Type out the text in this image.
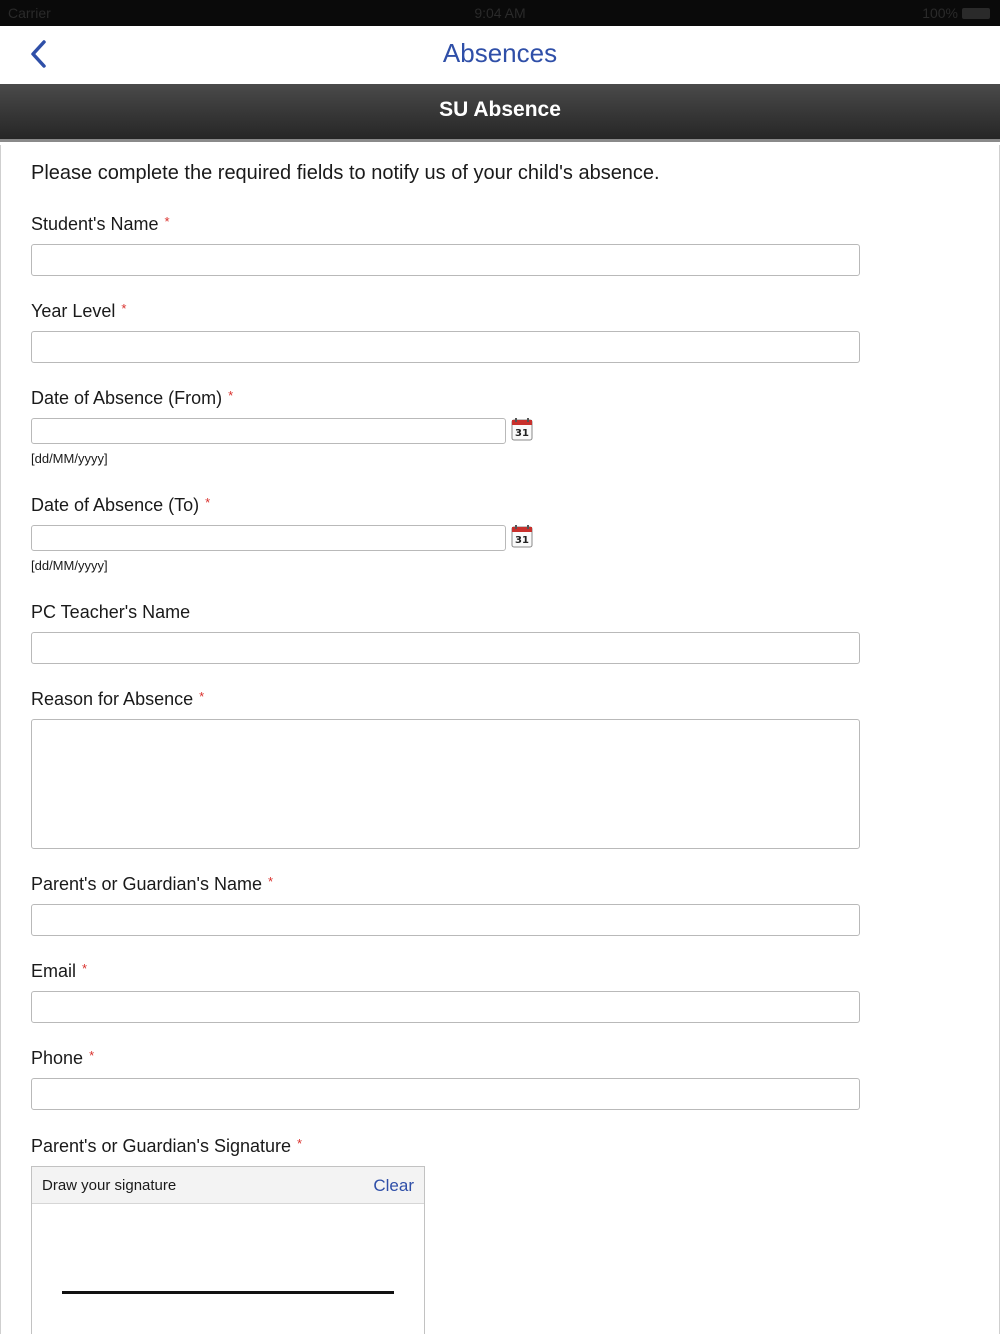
Carrier	9:04 AM	100%
Absences
SU Absence
Please complete the required fields to notify us of your child's absence.
Student's Name *
Year Level *
Date of Absence (From) *
31
[dd/MM/yyyy]
Date of Absence (To) *
31
[dd/MM/yyyy]
PC Teacher's Name
Reason for Absence *
Parent's or Guardian's Name *
Email *
Phone *
Parent's or Guardian's Signature *
Draw your signature	Clear
